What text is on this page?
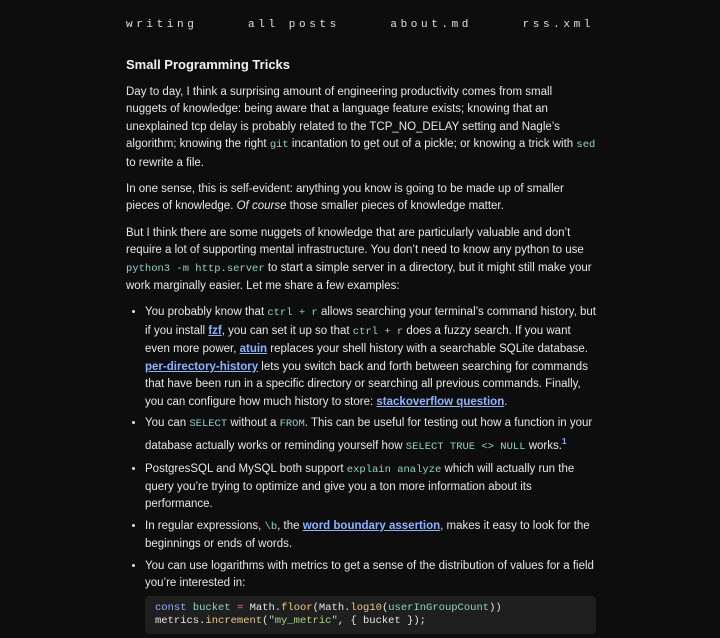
writing	all posts	about.md	rss.xml
Small Programming Tricks

Day to day, I think a surprising amount of engineering productivity comes from small nuggets of knowledge: being aware that a language feature exists; knowing that an unexplained tcp delay is probably related to the TCP_NO_DELAY setting and Nagle’s algorithm; knowing the right git incantation to get out of a pickle; or knowing a trick with sed to rewrite a file.

In one sense, this is self-evident: anything you know is going to be made up of smaller pieces of knowledge. Of course those smaller pieces of knowledge matter.

But I think there are some nuggets of knowledge that are particularly valuable and don’t require a lot of supporting mental infrastructure. You don’t need to know any python to use python3 -m http.server to start a simple server in a directory, but it might still make your work marginally easier. Let me share a few examples:

• You probably know that ctrl + r allows searching your terminal’s command history, but if you install fzf, you can set it up so that ctrl + r does a fuzzy search. If you want even more power, atuin replaces your shell history with a searchable SQLite database. per-directory-history lets you switch back and forth between searching for commands that have been run in a specific directory or searching all previous commands. Finally, you can configure how much history to store: stackoverflow question.
• You can SELECT without a FROM. This can be useful for testing out how a function in your database actually works or reminding yourself how SELECT TRUE <> NULL works.$^1$
• PostgresSQL and MySQL both support explain analyze which will actually run the query you’re trying to optimize and give you a ton more information about its performance.
• In regular expressions, \b, the word boundary assertion, makes it easy to look for the beginnings or ends of words.
• You can use logarithms with metrics to get a sense of the distribution of values for a field you’re interested in:
const bucket = Math.floor(Math.log10(userInGroupCount))
metrics.increment("my_metric", { bucket });
